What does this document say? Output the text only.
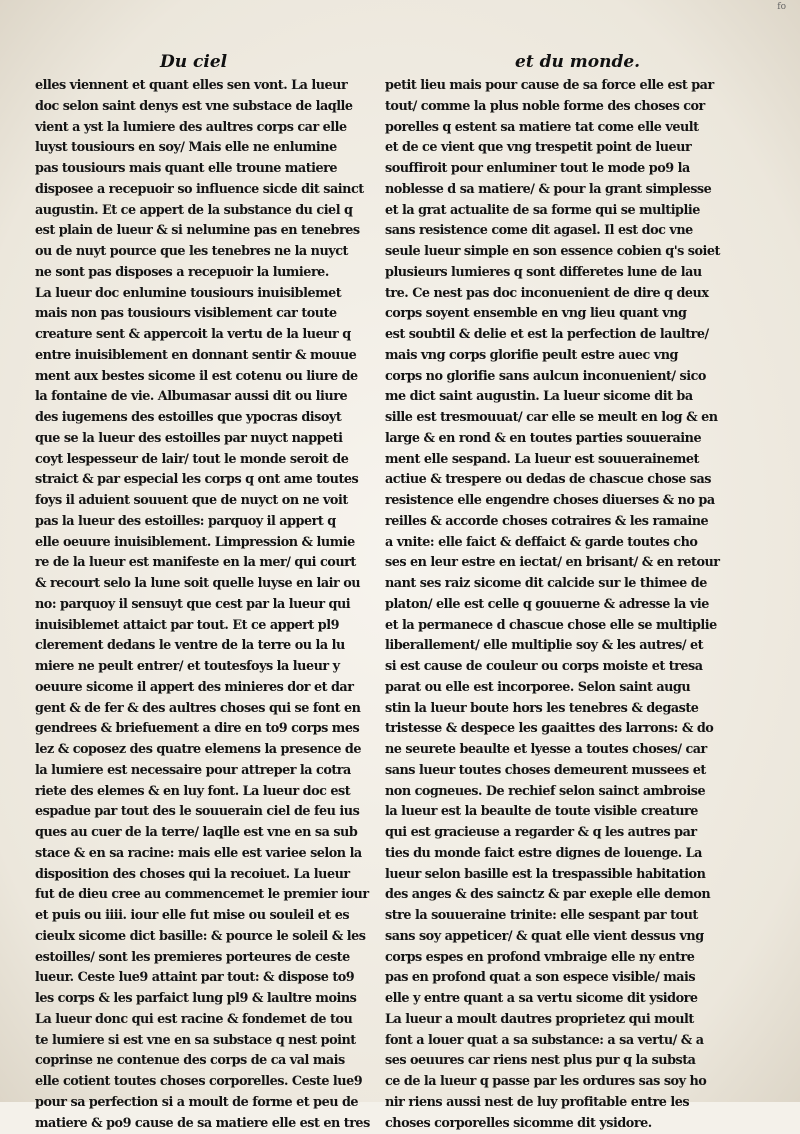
fo
Du ciel	et du monde.
elles viennent et quant elles sen vont. La lueur
doc selon saint denys est vne substace de laqlle
vient a yst la lumiere des aultres corps car elle
luyst tousiours en soy/ Mais elle ne enlumine
pas tousiours mais quant elle troune matiere
disposee a recepuoir so influence sicde dit sainct
augustin. Et ce appert de la substance du ciel q
est plain de lueur & si nelumine pas en tenebres
ou de nuyt pource que les tenebres ne la nuyct
ne sont pas disposes a recepuoir la lumiere.
La lueur doc enlumine tousiours inuisiblemet
mais non pas tousiours visiblement car toute
creature sent & appercoit la vertu de la lueur q
entre inuisiblement en donnant sentir & mouue
ment aux bestes sicome il est cotenu ou liure de
la fontaine de vie. Albumasar aussi dit ou liure
des iugemens des estoilles que ypocras disoyt
que se la lueur des estoilles par nuyct nappeti
coyt lespesseur de lair/ tout le monde seroit de
straict & par especial les corps q ont ame toutes
foys il aduient souuent que de nuyct on ne voit
pas la lueur des estoilles: parquoy il appert q
elle oeuure inuisiblement. Limpression & lumie
re de la lueur est manifeste en la mer/ qui court
& recourt selo la lune soit quelle luyse en lair ou
no: parquoy il sensuyt que cest par la lueur qui
inuisiblemet attaict par tout. Et ce appert pl9
clerement dedans le ventre de la terre ou la lu
miere ne peult entrer/ et toutesfoys la lueur y
oeuure sicome il appert des minieres dor et dar
gent & de fer & des aultres choses qui se font en
gendrees & briefuement a dire en to9 corps mes
lez & coposez des quatre elemens la presence de
la lumiere est necessaire pour attreper la cotra
riete des elemes & en luy font. La lueur doc est
espadue par tout des le souuerain ciel de feu ius
ques au cuer de la terre/ laqlle est vne en sa sub
stace & en sa racine: mais elle est variee selon la
disposition des choses qui la recoiuet. La lueur
fut de dieu cree au commencemet le premier iour
et puis ou iiii. iour elle fut mise ou souleil et es
cieulx sicome dict basille: & pource le soleil & les
estoilles/ sont les premieres porteures de ceste
lueur. Ceste lue9 attaint par tout: & dispose to9
les corps & les parfaict lung pl9 & laultre moins
La lueur donc qui est racine & fondemet de tou
te lumiere si est vne en sa substace q nest point
coprinse ne contenue des corps de ca val mais
elle cotient toutes choses corporelles. Ceste lue9
pour sa perfection si a moult de forme et peu de
matiere & po9 cause de sa matiere elle est en tres
petit lieu mais pour cause de sa force elle est par
tout/ comme la plus noble forme des choses cor
porelles q estent sa matiere tat come elle veult
et de ce vient que vng trespetit point de lueur
souffiroit pour enluminer tout le mode po9 la
noblesse d sa matiere/ & pour la grant simplesse
et la grat actualite de sa forme qui se multiplie
sans resistence come dit agasel. Il est doc vne
seule lueur simple en son essence cobien q's soiet
plusieurs lumieres q sont differetes lune de lau
tre. Ce nest pas doc inconuenient de dire q deux
corps soyent ensemble en vng lieu quant vng
est soubtil & delie et est la perfection de laultre/
mais vng corps glorifie peult estre auec vng
corps no glorifie sans aulcun inconuenient/ sico
me dict saint augustin. La lueur sicome dit ba
sille est tresmouuat/ car elle se meult en log & en
large & en rond & en toutes parties souueraine
ment elle sespand. La lueur est souuerainemet
actiue & trespere ou dedas de chascue chose sas
resistence elle engendre choses diuerses & no pa
reilles & accorde choses cotraires & les ramaine
a vnite: elle faict & deffaict & garde toutes cho
ses en leur estre en iectat/ en brisant/ & en retour
nant ses raiz sicome dit calcide sur le thimee de
platon/ elle est celle q gouuerne & adresse la vie
et la permanece d chascue chose elle se multiplie
liberallement/ elle multiplie soy & les autres/ et
si est cause de couleur ou corps moiste et tresa
parat ou elle est incorporee. Selon saint augu
stin la lueur boute hors les tenebres & degaste
tristesse & despece les gaaittes des larrons: & do
ne seurete beaulte et lyesse a toutes choses/ car
sans lueur toutes choses demeurent mussees et
non cogneues. De rechief selon sainct ambroise
la lueur est la beaulte de toute visible creature
qui est gracieuse a regarder & q les autres par
ties du monde faict estre dignes de louenge. La
lueur selon basille est la trespassible habitation
des anges & des sainctz & par exeple elle demon
stre la souueraine trinite: elle sespant par tout
sans soy appeticer/ & quat elle vient dessus vng
corps espes en profond vmbraige elle ny entre
pas en profond quat a son espece visible/ mais
elle y entre quant a sa vertu sicome dit ysidore
La lueur a moult dautres proprietez qui moult
font a louer quat a sa substance: a sa vertu/ & a
ses oeuures car riens nest plus pur q la substa
ce de la lueur q passe par les ordures sas soy ho
nir riens aussi nest de luy profitable entre les
choses corporelles sicomme dit ysidore.
